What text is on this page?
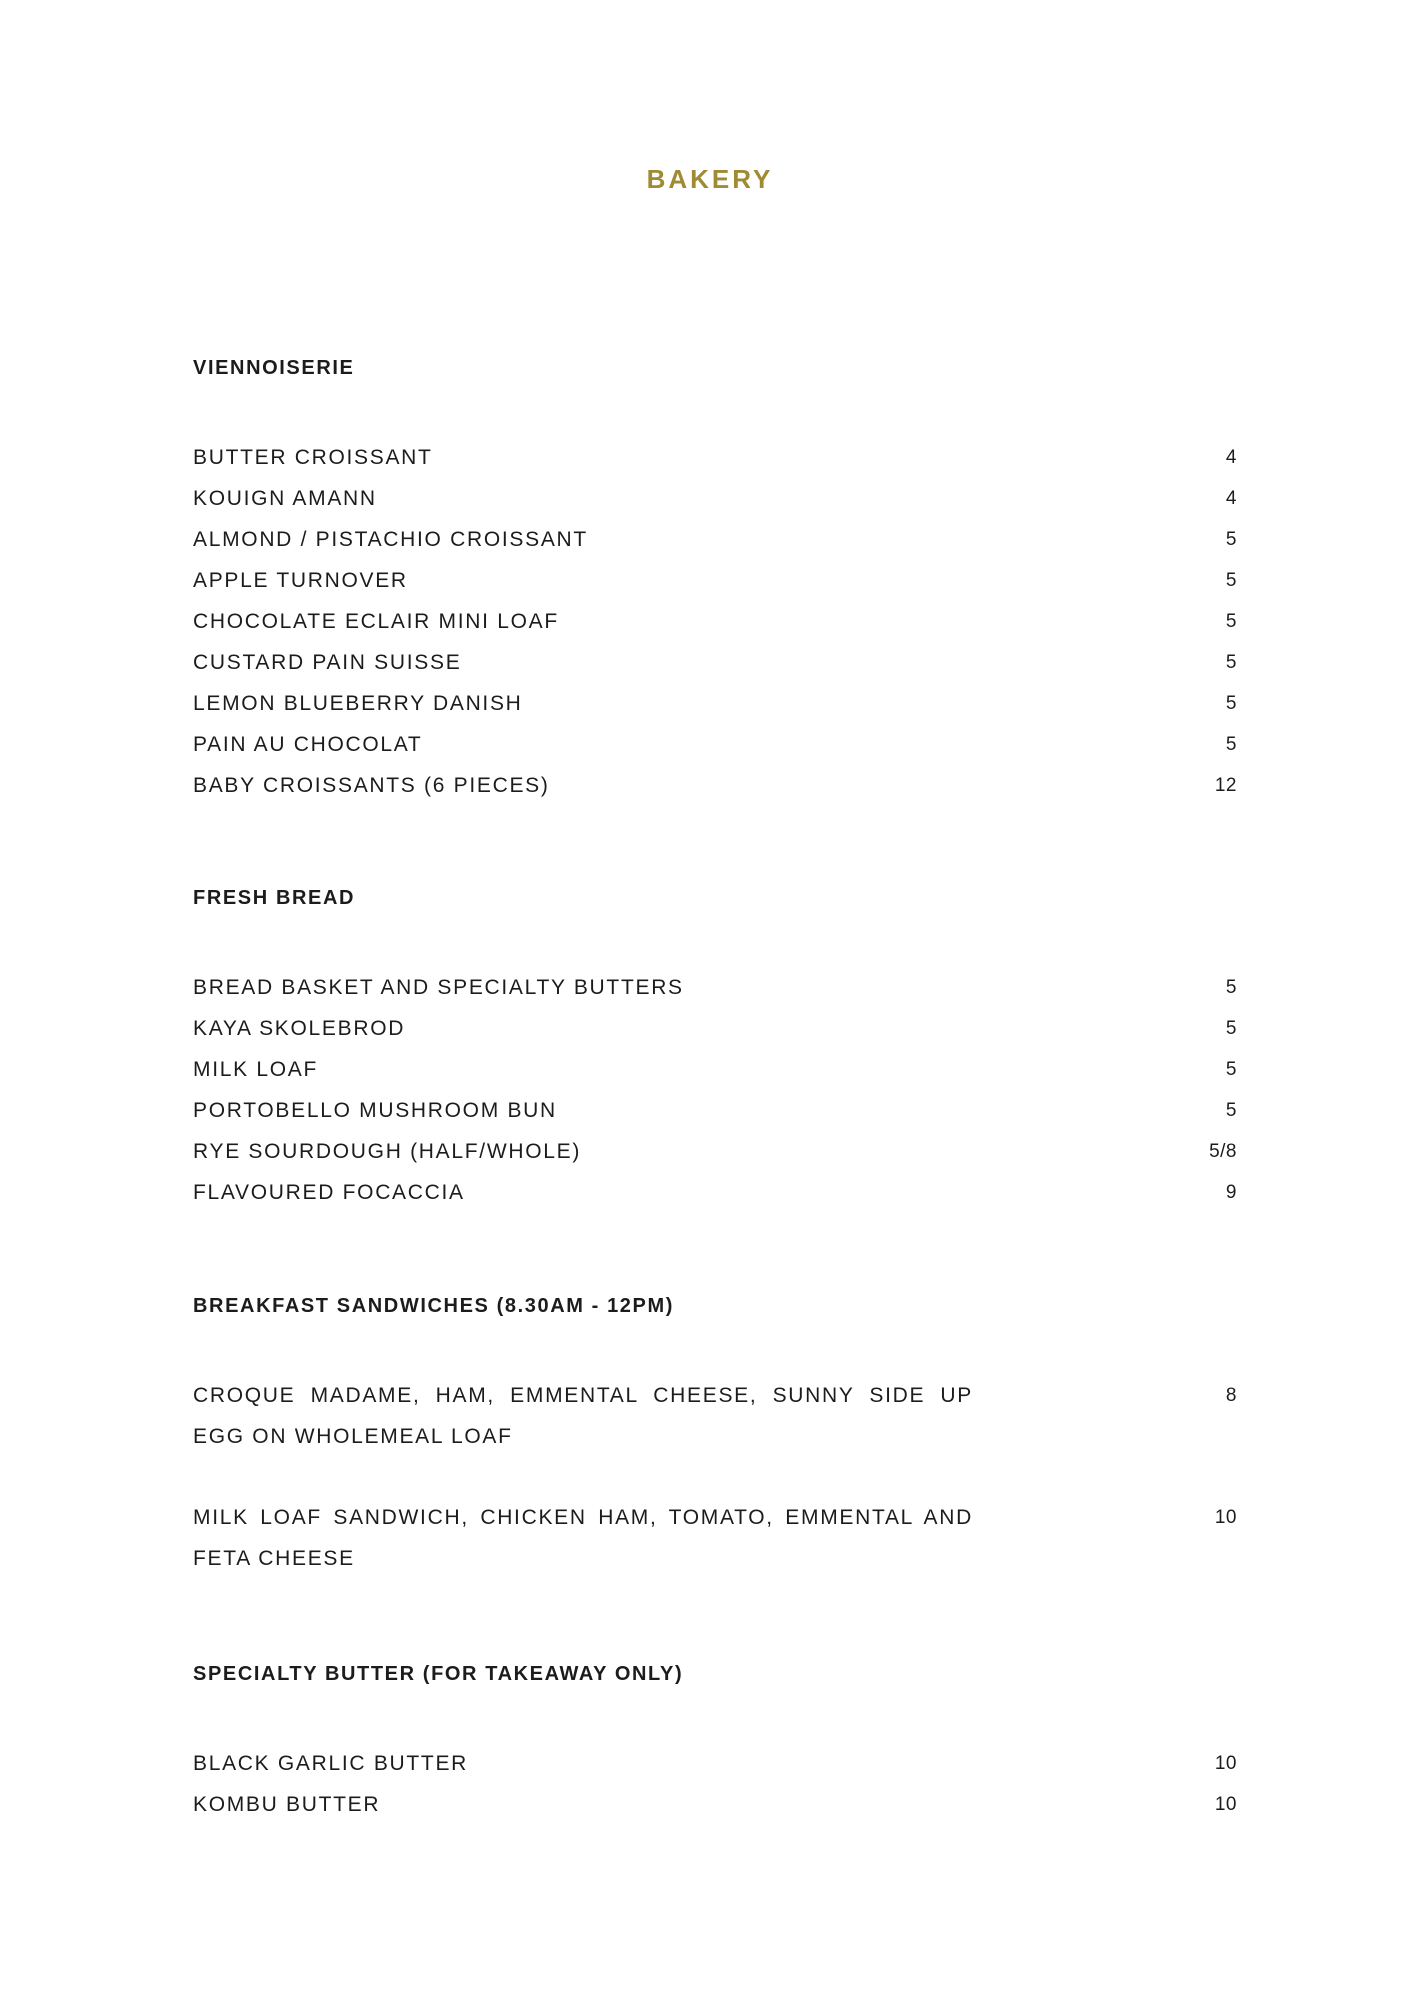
BAKERY
VIENNOISERIE
BUTTER CROISSANT	4
KOUIGN AMANN	4
ALMOND / PISTACHIO CROISSANT	5
APPLE TURNOVER	5
CHOCOLATE ECLAIR MINI LOAF	5
CUSTARD PAIN SUISSE	5
LEMON BLUEBERRY DANISH	5
PAIN AU CHOCOLAT	5
BABY CROISSANTS (6 PIECES)	12
FRESH BREAD
BREAD BASKET AND SPECIALTY BUTTERS	5
KAYA SKOLEBROD	5
MILK LOAF	5
PORTOBELLO MUSHROOM BUN	5
RYE SOURDOUGH (HALF/WHOLE)	5/8
FLAVOURED FOCACCIA	9
BREAKFAST SANDWICHES (8.30AM - 12PM)
CROQUE MADAME, HAM, EMMENTAL CHEESE, SUNNY SIDE UP EGG ON WHOLEMEAL LOAF
8
MILK LOAF SANDWICH, CHICKEN HAM, TOMATO, EMMENTAL AND FETA CHEESE
10
SPECIALTY BUTTER (FOR TAKEAWAY ONLY)
BLACK GARLIC BUTTER	10
KOMBU BUTTER	10
